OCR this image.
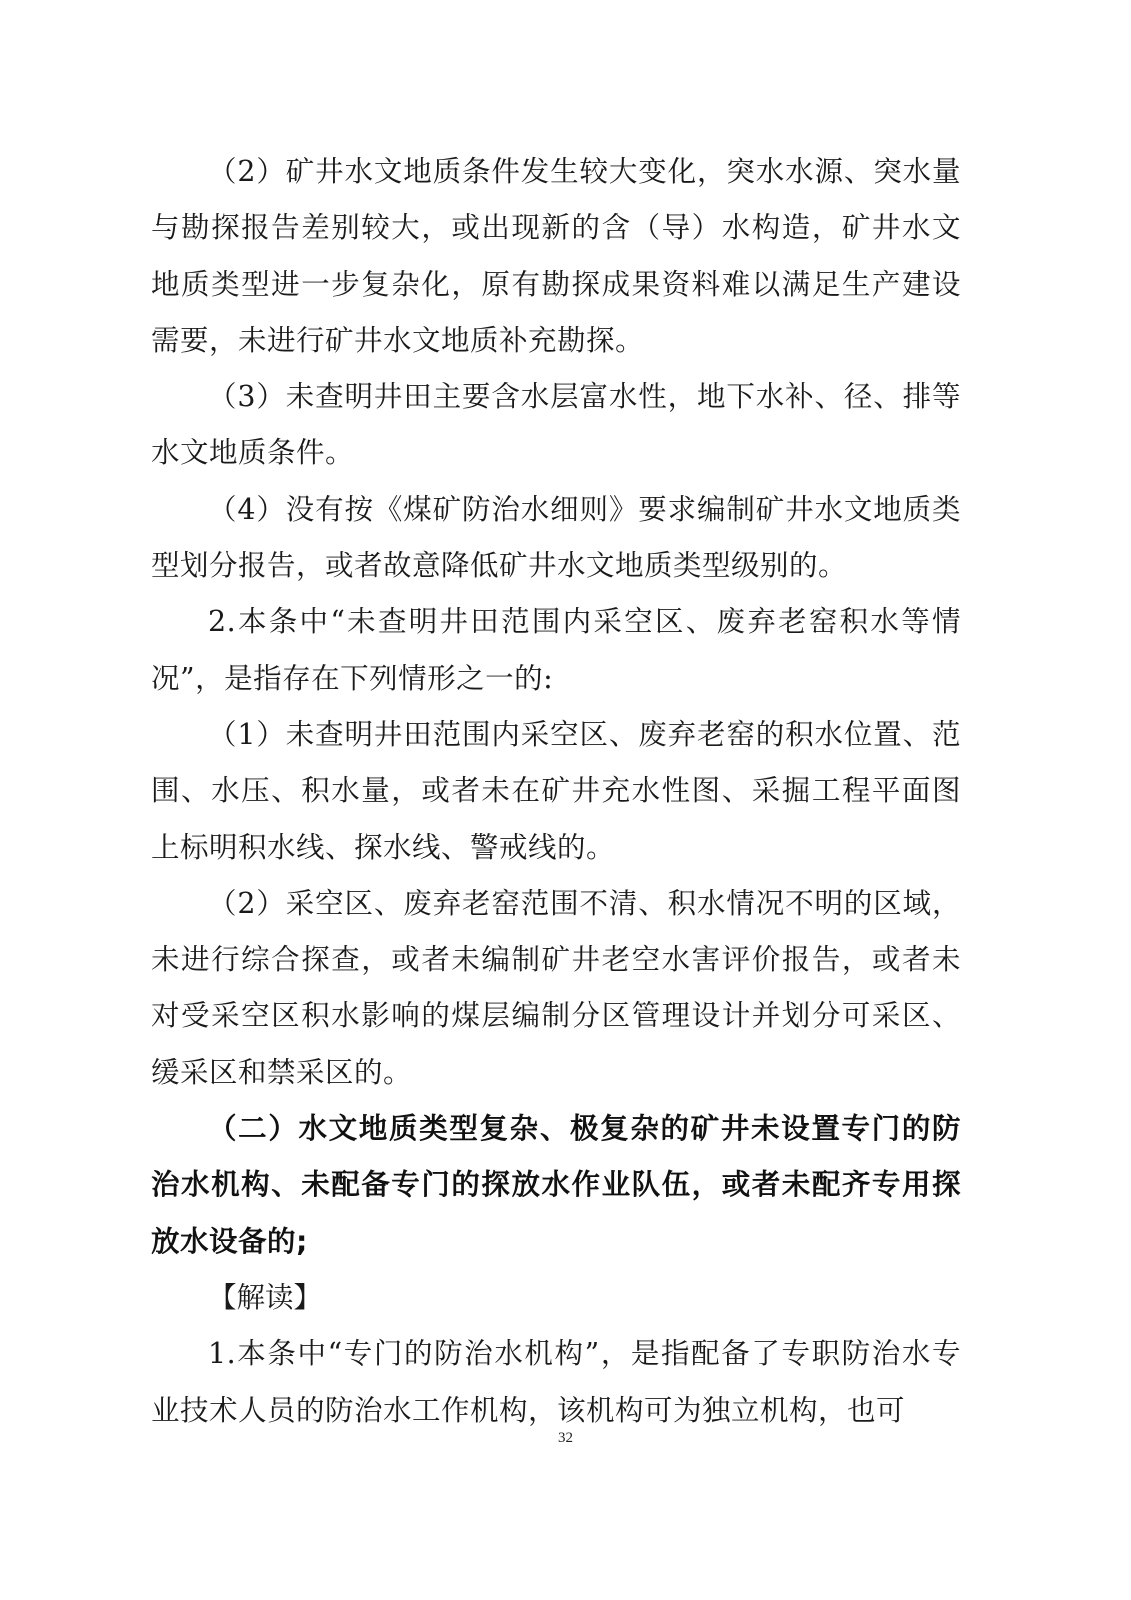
（2）矿井水文地质条件发生较大变化，突水水源、突水量与勘探报告差别较大，或出现新的含（导）水构造，矿井水文地质类型进一步复杂化，原有勘探成果资料难以满足生产建设需要，未进行矿井水文地质补充勘探。

（3）未查明井田主要含水层富水性，地下水补、径、排等水文地质条件。

（4）没有按《煤矿防治水细则》要求编制矿井水文地质类型划分报告，或者故意降低矿井水文地质类型级别的。

2.本条中“未查明井田范围内采空区、废弃老窑积水等情况”，是指存在下列情形之一的:

（1）未查明井田范围内采空区、废弃老窑的积水位置、范围、水压、积水量，或者未在矿井充水性图、采掘工程平面图上标明积水线、探水线、警戒线的。

（2）采空区、废弃老窑范围不清、积水情况不明的区域，未进行综合探查，或者未编制矿井老空水害评价报告，或者未对受采空区积水影响的煤层编制分区管理设计并划分可采区、缓采区和禁采区的。

（二）水文地质类型复杂、极复杂的矿井未设置专门的防治水机构、未配备专门的探放水作业队伍，或者未配齐专用探放水设备的;

【解读】

1.本条中“专门的防治水机构”，是指配备了专职防治水专业技术人员的防治水工作机构，该机构可为独立机构，也可

32
